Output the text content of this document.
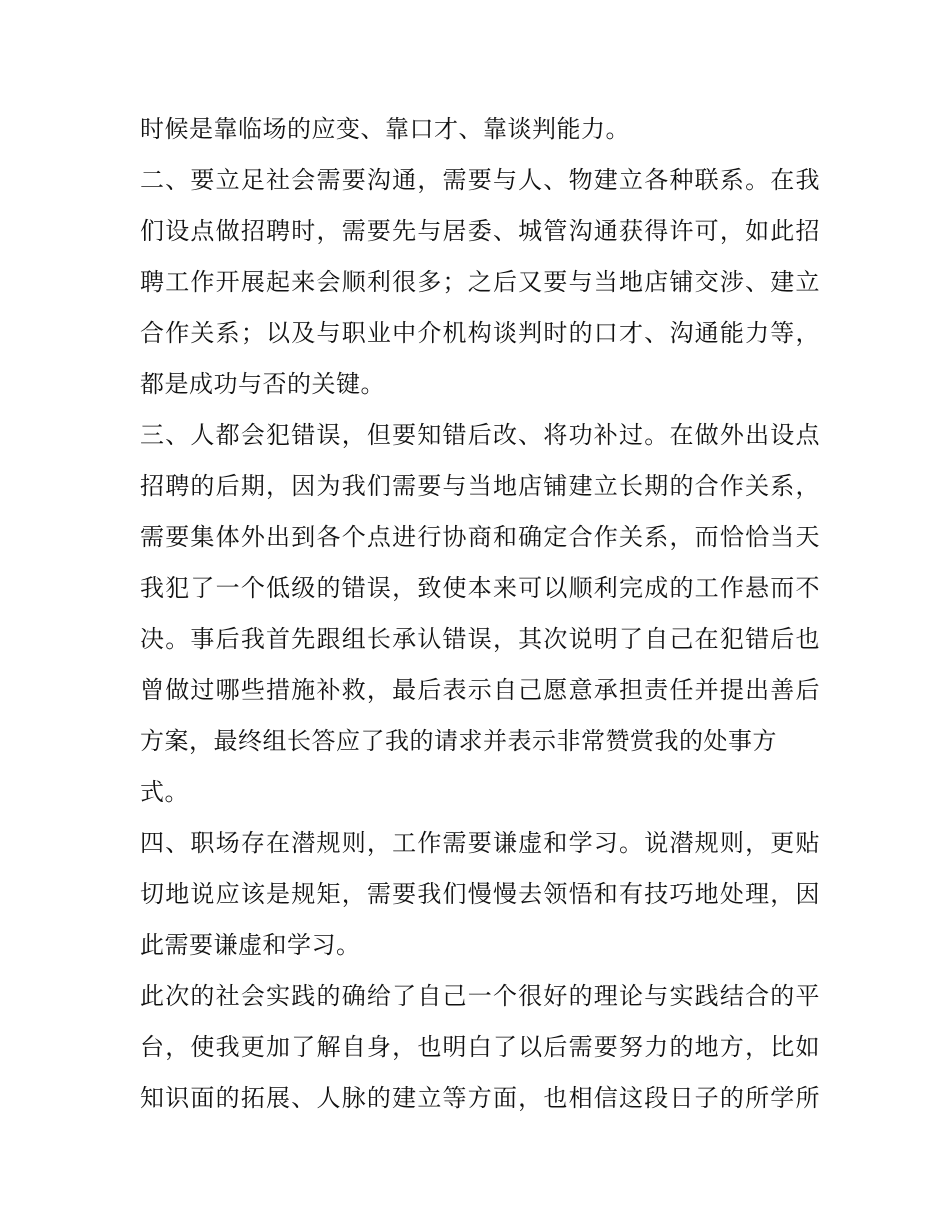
时候是靠临场的应变、靠口才、靠谈判能力。
二、要立足社会需要沟通，需要与人、物建立各种联系。在我
们设点做招聘时，需要先与居委、城管沟通获得许可，如此招
聘工作开展起来会顺利很多；之后又要与当地店铺交涉、建立
合作关系；以及与职业中介机构谈判时的口才、沟通能力等，
都是成功与否的关键。
三、人都会犯错误，但要知错后改、将功补过。在做外出设点
招聘的后期，因为我们需要与当地店铺建立长期的合作关系，
需要集体外出到各个点进行协商和确定合作关系，而恰恰当天
我犯了一个低级的错误，致使本来可以顺利完成的工作悬而不
决。事后我首先跟组长承认错误，其次说明了自己在犯错后也
曾做过哪些措施补救，最后表示自己愿意承担责任并提出善后
方案，最终组长答应了我的请求并表示非常赞赏我的处事方
式。
四、职场存在潜规则，工作需要谦虚和学习。说潜规则，更贴
切地说应该是规矩，需要我们慢慢去领悟和有技巧地处理，因
此需要谦虚和学习。
此次的社会实践的确给了自己一个很好的理论与实践结合的平
台，使我更加了解自身，也明白了以后需要努力的地方，比如
知识面的拓展、人脉的建立等方面，也相信这段日子的所学所
